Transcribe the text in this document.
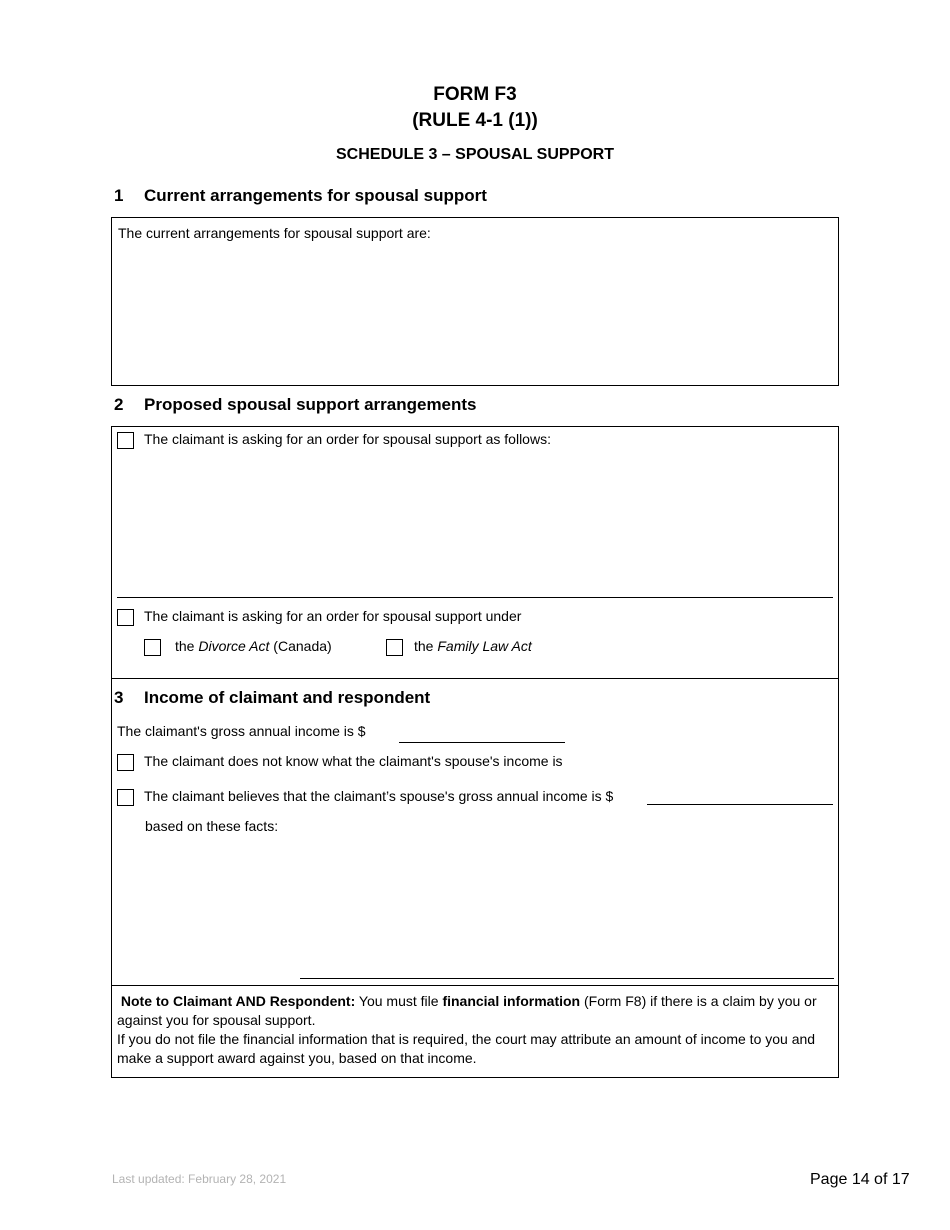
FORM F3
(RULE 4-1 (1))
SCHEDULE 3 – SPOUSAL SUPPORT
1 Current arrangements for spousal support
The current arrangements for spousal support are:
2 Proposed spousal support arrangements
The claimant is asking for an order for spousal support as follows:
The claimant is asking for an order for spousal support under
the Divorce Act (Canada)	the Family Law Act
3 Income of claimant and respondent
The claimant's gross annual income is $
The claimant does not know what the claimant's spouse's income is
The claimant believes that the claimant’s spouse's gross annual income is $
based on these facts:
Note to Claimant AND Respondent: You must file financial information (Form F8) if there is a claim by you or against you for spousal support.
If you do not file the financial information that is required, the court may attribute an amount of income to you and make a support award against you, based on that income.
Last updated: February 28, 2021	Page 14 of 17
